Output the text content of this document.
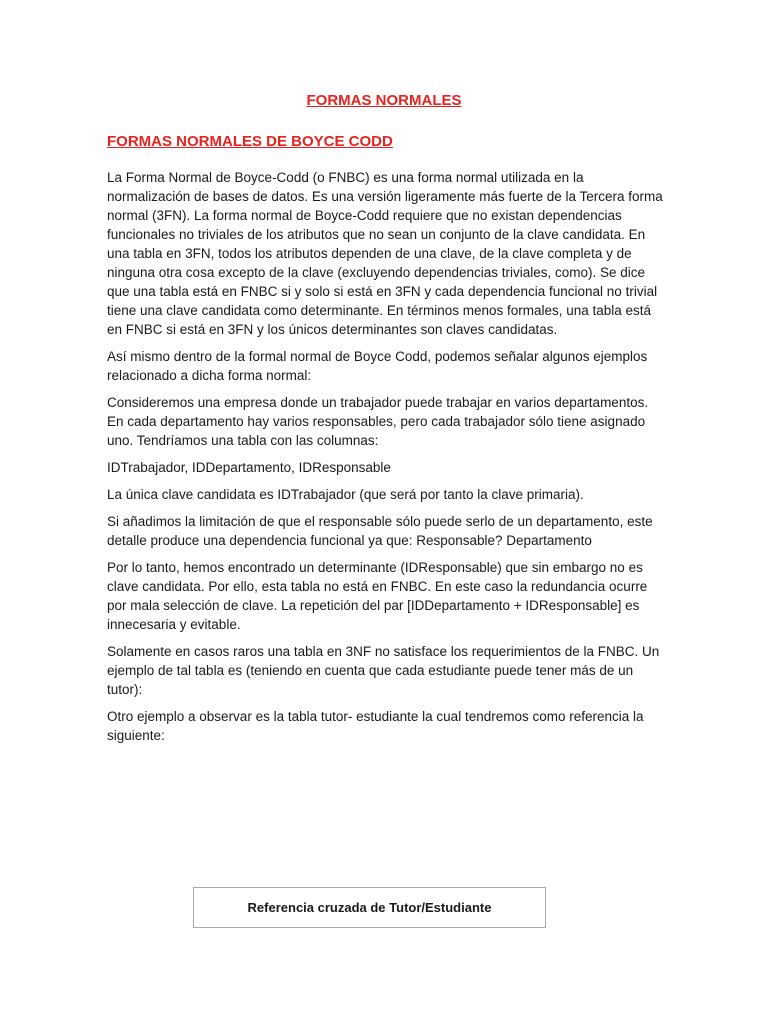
FORMAS NORMALES
FORMAS NORMALES DE BOYCE CODD

La Forma Normal de Boyce-Codd (o FNBC) es una forma normal utilizada en la normalización de bases de datos. Es una versión ligeramente más fuerte de la Tercera forma normal (3FN). La forma normal de Boyce-Codd requiere que no existan dependencias funcionales no triviales de los atributos que no sean un conjunto de la clave candidata. En una tabla en 3FN, todos los atributos dependen de una clave, de la clave completa y de ninguna otra cosa excepto de la clave (excluyendo dependencias triviales, como). Se dice que una tabla está en FNBC si y solo si está en 3FN y cada dependencia funcional no trivial tiene una clave candidata como determinante. En términos menos formales, una tabla está en FNBC si está en 3FN y los únicos determinantes son claves candidatas.

Así mismo dentro de la formal normal de Boyce Codd, podemos señalar algunos ejemplos relacionado a dicha forma normal:

Consideremos una empresa donde un trabajador puede trabajar en varios departamentos. En cada departamento hay varios responsables, pero cada trabajador sólo tiene asignado uno. Tendríamos una tabla con las columnas:

IDTrabajador, IDDepartamento, IDResponsable

La única clave candidata es IDTrabajador (que será por tanto la clave primaria).

Si añadimos la limitación de que el responsable sólo puede serlo de un departamento, este detalle produce una dependencia funcional ya que: Responsable? Departamento

Por lo tanto, hemos encontrado un determinante (IDResponsable) que sin embargo no es clave candidata. Por ello, esta tabla no está en FNBC. En este caso la redundancia ocurre por mala selección de clave. La repetición del par [IDDepartamento + IDResponsable] es innecesaria y evitable.

Solamente en casos raros una tabla en 3NF no satisface los requerimientos de la FNBC. Un ejemplo de tal tabla es (teniendo en cuenta que cada estudiante puede tener más de un tutor):

Otro ejemplo a observar es la tabla tutor- estudiante la cual tendremos como referencia la siguiente:

Referencia cruzada de Tutor/Estudiante
